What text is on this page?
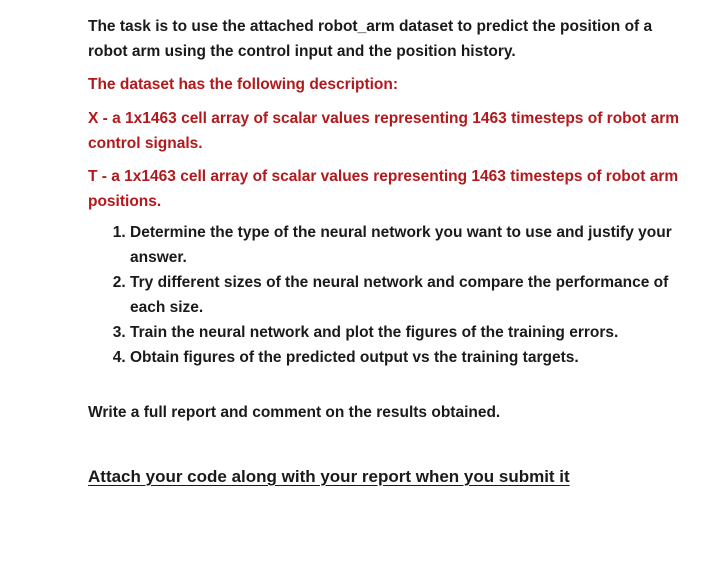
The task is to use the attached robot_arm dataset to predict the position of a robot arm using the control input and the position history.

The dataset has the following description:

X - a 1x1463 cell array of scalar values representing 1463 timesteps of robot arm control signals.

T - a 1x1463 cell array of scalar values representing 1463 timesteps of robot arm positions.

1. Determine the type of the neural network you want to use and justify your answer.
2. Try different sizes of the neural network and compare the performance of each size.
3. Train the neural network and plot the figures of the training errors.
4. Obtain figures of the predicted output vs the training targets.

Write a full report and comment on the results obtained.

Attach your code along with your report when you submit it
